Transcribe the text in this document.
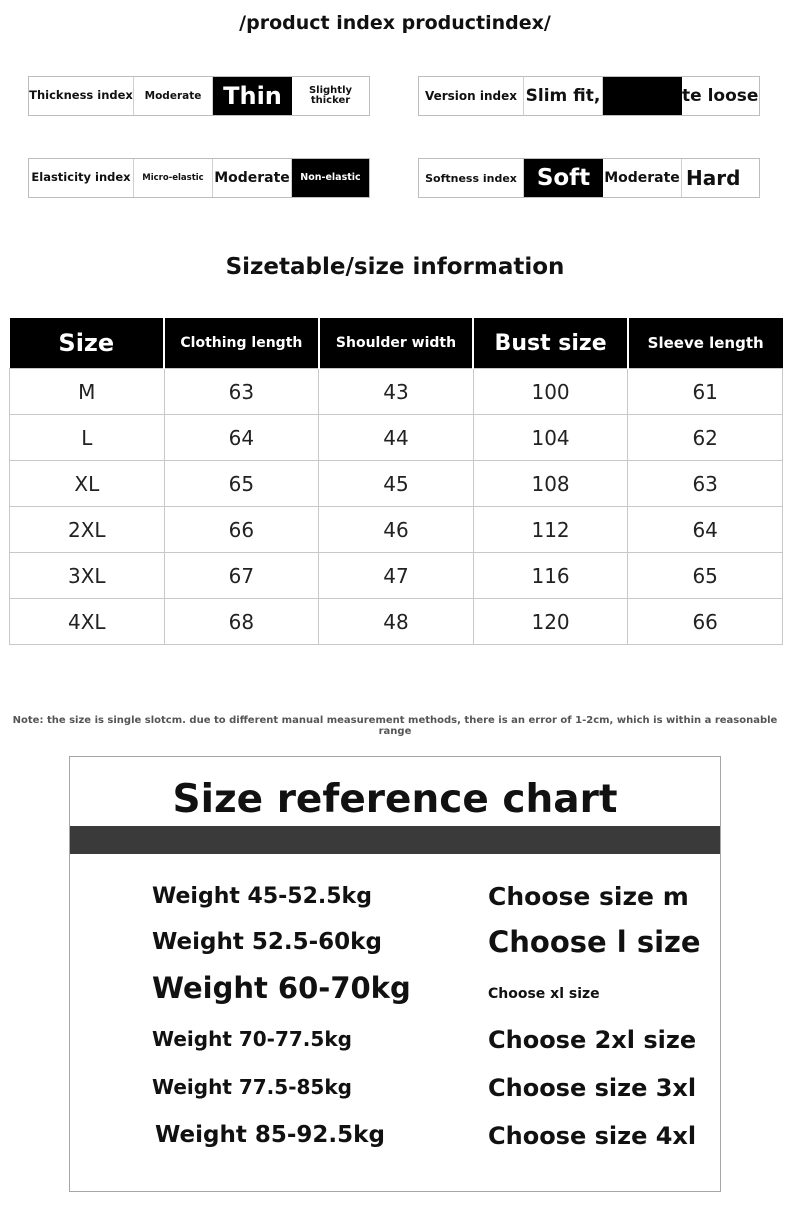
/product index productindex/
Thickness index	Moderate Thin	Slightly
thicker	Version index Slim fit,	te loose
Elasticity index	Micro-elastic Moderate	Non-elastic	Softness index Soft	Moderate Hard
Sizetable/size information
Size	Clothing length	Shoulder width	Bust size	Sleeve length
M	63	43	100	61
L	64	44	104	62
XL	65	45	108	63
2XL	66	46	112	64
3XL	67	47	116	65
4XL	68	48	120	66
Note: the size is single slotcm. due to different manual measurement methods, there is an error of 1-2cm, which is within a reasonable range
Size reference chart
Weight 45-52.5kg	Choose size m
Weight 52.5-60kg	Choose l size
Weight 60-70kg	Choose xl size
Weight 70-77.5kg	Choose 2xl size
Weight 77.5-85kg	Choose size 3xl
Weight 85-92.5kg	Choose size 4xl
